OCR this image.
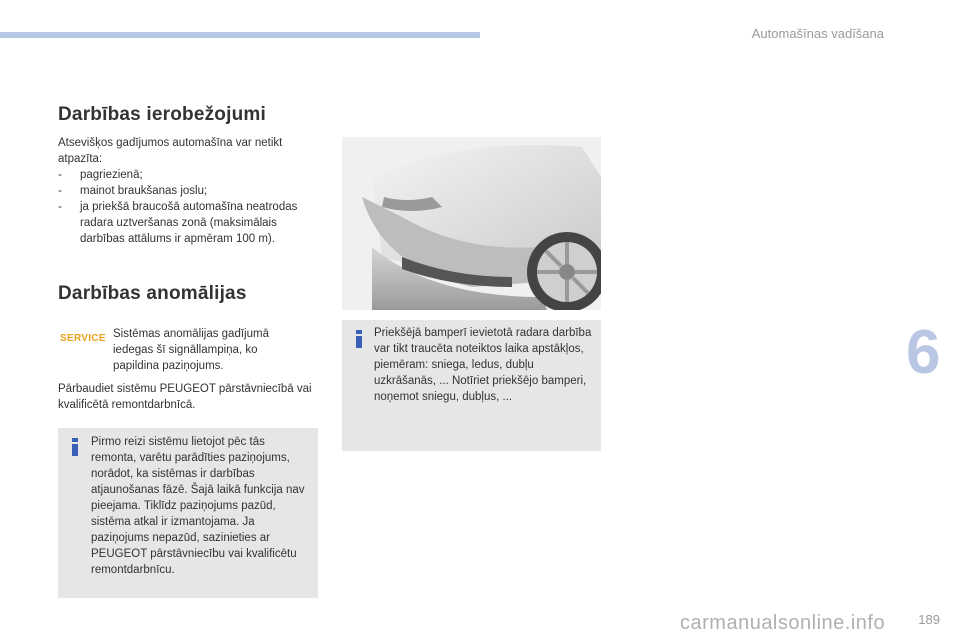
Automašīnas vadīšana
Darbības ierobežojumi

Atsevišķos gadījumos automašīna var netikt atpazīta:

- pagriezienā;
- mainot braukšanas joslu;
- ja priekšā braucošā automašīna neatrodas radara uztveršanas zonā (maksimālais darbības attālums ir apmēram 100 m).
Darbības anomālijas
SERVICE Sistēmas anomālijas gadījumā iedegas šī signāllampiņa, ko papildina paziņojums.

Pārbaudiet sistēmu PEUGEOT pārstāvniecībā vai kvalificētā remontdarbnīcā.

Pirmo reizi sistēmu lietojot pēc tās remonta, varētu parādīties paziņojums, norādot, ka sistēmas ir darbības atjaunošanas fāzē. Šajā laikā funkcija nav pieejama. Tiklīdz paziņojums pazūd, sistēma atkal ir izmantojama. Ja paziņojums nepazūd, sazinieties ar PEUGEOT pārstāvniecību vai kvalificētu remontdarbnīcu.

Priekšējā bamperī ievietotā radara darbība var tikt traucēta noteiktos laika apstākļos, piemēram: sniega, ledus, dubļu uzkrāšanās, ... Notīriet priekšējo bamperi, noņemot sniegu, dubļus, ...

6
carmanualsonline.info	189
